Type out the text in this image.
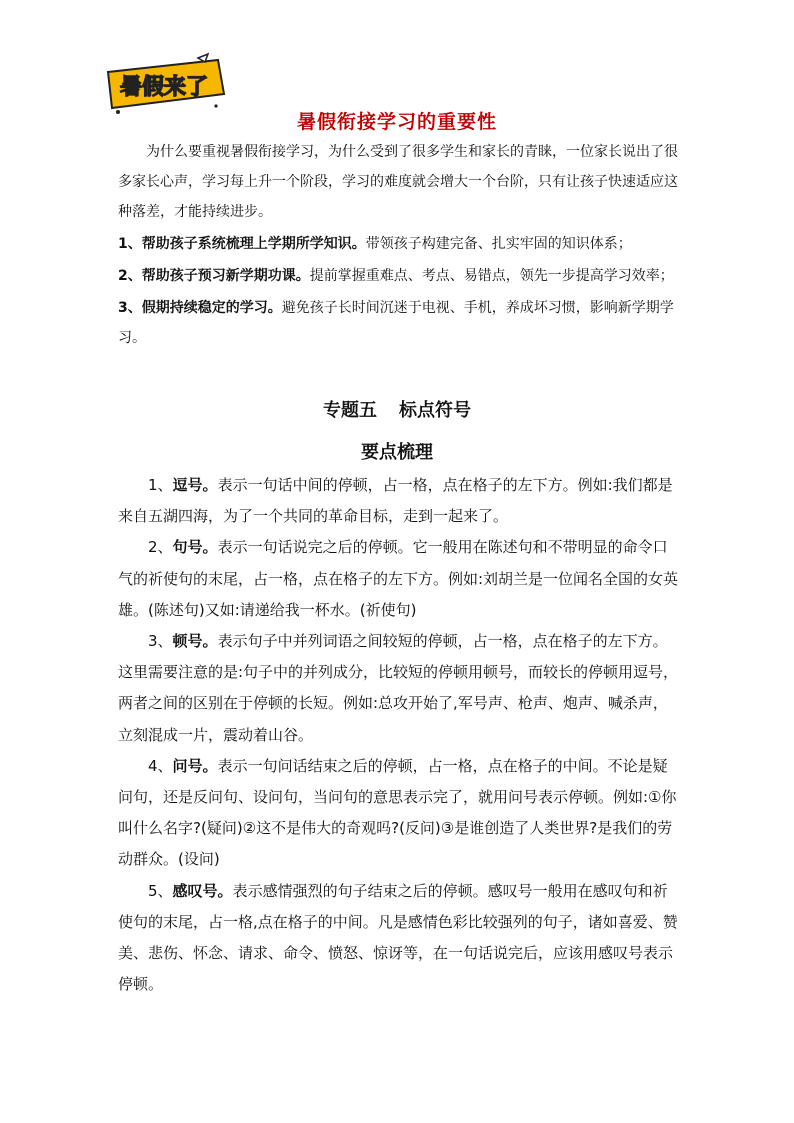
暑假来了
暑假衔接学习的重要性

为什么要重视暑假衔接学习，为什么受到了很多学生和家长的青睐，一位家长说出了很多家长心声，学习每上升一个阶段，学习的难度就会增大一个台阶，只有让孩子快速适应这种落差，才能持续进步。

1、帮助孩子系统梳理上学期所学知识。带领孩子构建完备、扎实牢固的知识体系；

2、帮助孩子预习新学期功课。提前掌握重难点、考点、易错点，领先一步提高学习效率；

3、假期持续稳定的学习。避免孩子长时间沉迷于电视、手机，养成坏习惯，影响新学期学习。

专题五 标点符号
要点梳理

1、逗号。表示一句话中间的停顿，占一格，点在格子的左下方。例如:我们都是来自五湖四海，为了一个共同的革命目标，走到一起来了。

2、句号。表示一句话说完之后的停顿。它一般用在陈述句和不带明显的命令口气的祈使句的末尾，占一格，点在格子的左下方。例如:刘胡兰是一位闻名全国的女英雄。(陈述句)又如:请递给我一杯水。(祈使句)

3、顿号。表示句子中并列词语之间较短的停顿，占一格，点在格子的左下方。这里需要注意的是:句子中的并列成分，比较短的停顿用顿号，而较长的停顿用逗号，两者之间的区别在于停顿的长短。例如:总攻开始了,军号声、枪声、炮声、喊杀声，立刻混成一片，震动着山谷。

4、问号。表示一句问话结束之后的停顿，占一格，点在格子的中间。不论是疑问句，还是反问句、设问句，当问句的意思表示完了，就用问号表示停顿。例如:①你叫什么名字?(疑问)②这不是伟大的奇观吗?(反问)③是谁创造了人类世界?是我们的劳动群众。(设问)

5、感叹号。表示感情强烈的句子结束之后的停顿。感叹号一般用在感叹句和祈使句的末尾，占一格,点在格子的中间。凡是感情色彩比较强列的句子，诸如喜爱、赞美、悲伤、怀念、请求、命令、愤怒、惊讶等，在一句话说完后，应该用感叹号表示停顿。
